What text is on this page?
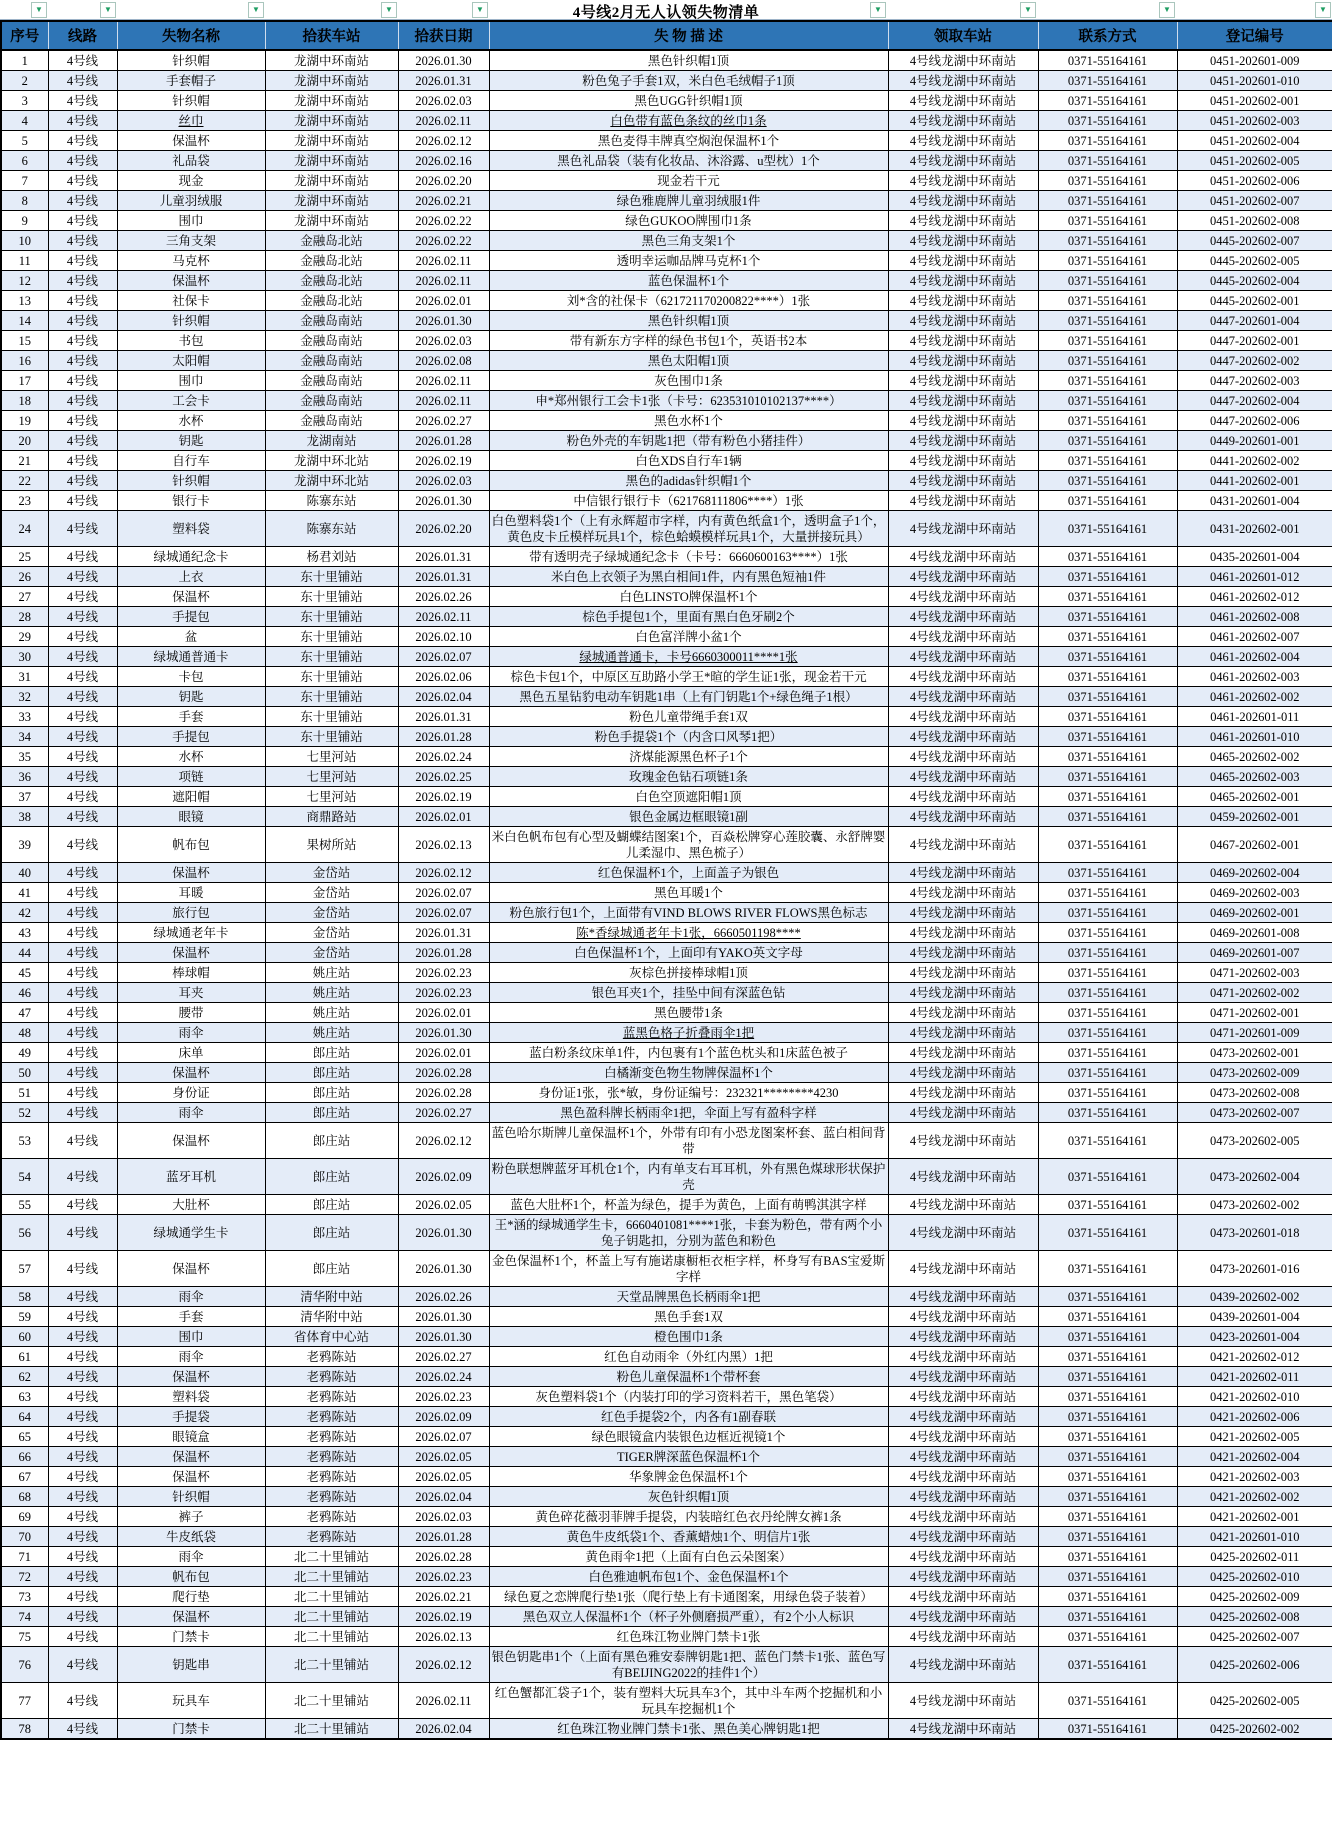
4号线2月无人认领失物清单
▼	▼	▼	▼	▼	▼	▼	▼	▼
序号	线路	失物名称	拾获车站	拾获日期	失 物 描 述	领取车站	联系方式	登记编号
1	4号线	针织帽	龙湖中环南站	2026.01.30	黑色针织帽1顶	4号线龙湖中环南站	0371-55164161	0451-202601-009
2	4号线	手套帽子	龙湖中环南站	2026.01.31	粉色兔子手套1双，米白色毛绒帽子1顶	4号线龙湖中环南站	0371-55164161	0451-202601-010
3	4号线	针织帽	龙湖中环南站	2026.02.03	黑色UGG针织帽1顶	4号线龙湖中环南站	0371-55164161	0451-202602-001
4	4号线	丝巾	龙湖中环南站	2026.02.11	白色带有蓝色条纹的丝巾1条	4号线龙湖中环南站	0371-55164161	0451-202602-003
5	4号线	保温杯	龙湖中环南站	2026.02.12	黑色麦得丰牌真空焖泡保温杯1个	4号线龙湖中环南站	0371-55164161	0451-202602-004
6	4号线	礼品袋	龙湖中环南站	2026.02.16	黑色礼品袋（装有化妆品、沐浴露、u型枕）1个	4号线龙湖中环南站	0371-55164161	0451-202602-005
7	4号线	现金	龙湖中环南站	2026.02.20	现金若干元	4号线龙湖中环南站	0371-55164161	0451-202602-006
8	4号线	儿童羽绒服	龙湖中环南站	2026.02.21	绿色雅鹿牌儿童羽绒服1件	4号线龙湖中环南站	0371-55164161	0451-202602-007
9	4号线	围巾	龙湖中环南站	2026.02.22	绿色GUKOO牌围巾1条	4号线龙湖中环南站	0371-55164161	0451-202602-008
10	4号线	三角支架	金融岛北站	2026.02.22	黑色三角支架1个	4号线龙湖中环南站	0371-55164161	0445-202602-007
11	4号线	马克杯	金融岛北站	2026.02.11	透明幸运咖品牌马克杯1个	4号线龙湖中环南站	0371-55164161	0445-202602-005
12	4号线	保温杯	金融岛北站	2026.02.11	蓝色保温杯1个	4号线龙湖中环南站	0371-55164161	0445-202602-004
13	4号线	社保卡	金融岛北站	2026.02.01	刘*含的社保卡（621721170200822****）1张	4号线龙湖中环南站	0371-55164161	0445-202602-001
14	4号线	针织帽	金融岛南站	2026.01.30	黑色针织帽1顶	4号线龙湖中环南站	0371-55164161	0447-202601-004
15	4号线	书包	金融岛南站	2026.02.03	带有新东方字样的绿色书包1个，英语书2本	4号线龙湖中环南站	0371-55164161	0447-202602-001
16	4号线	太阳帽	金融岛南站	2026.02.08	黑色太阳帽1顶	4号线龙湖中环南站	0371-55164161	0447-202602-002
17	4号线	围巾	金融岛南站	2026.02.11	灰色围巾1条	4号线龙湖中环南站	0371-55164161	0447-202602-003
18	4号线	工会卡	金融岛南站	2026.02.11	申*郑州银行工会卡1张（卡号：623531010102137****）	4号线龙湖中环南站	0371-55164161	0447-202602-004
19	4号线	水杯	金融岛南站	2026.02.27	黑色水杯1个	4号线龙湖中环南站	0371-55164161	0447-202602-006
20	4号线	钥匙	龙湖南站	2026.01.28	粉色外壳的车钥匙1把（带有粉色小猪挂件）	4号线龙湖中环南站	0371-55164161	0449-202601-001
21	4号线	自行车	龙湖中环北站	2026.02.19	白色XDS自行车1辆	4号线龙湖中环南站	0371-55164161	0441-202602-002
22	4号线	针织帽	龙湖中环北站	2026.02.03	黑色的adidas针织帽1个	4号线龙湖中环南站	0371-55164161	0441-202602-001
23	4号线	银行卡	陈寨东站	2026.01.30	中信银行银行卡（621768111806****）1张	4号线龙湖中环南站	0371-55164161	0431-202601-004
24	4号线	塑料袋	陈寨东站	2026.02.20	白色塑料袋1个（上有永辉超市字样，内有黄色纸盒1个，透明盒子1个，黄色皮卡丘模样玩具1个，棕色蛤蟆模样玩具1个，大量拼接玩具）	4号线龙湖中环南站	0371-55164161	0431-202602-001
25	4号线	绿城通纪念卡	杨君刘站	2026.01.31	带有透明壳子绿城通纪念卡（卡号：6660600163****）1张	4号线龙湖中环南站	0371-55164161	0435-202601-004
26	4号线	上衣	东十里铺站	2026.01.31	米白色上衣领子为黑白相间1件，内有黑色短袖1件	4号线龙湖中环南站	0371-55164161	0461-202601-012
27	4号线	保温杯	东十里铺站	2026.02.26	白色LINSTO牌保温杯1个	4号线龙湖中环南站	0371-55164161	0461-202602-012
28	4号线	手提包	东十里铺站	2026.02.11	棕色手提包1个，里面有黑白色牙刷2个	4号线龙湖中环南站	0371-55164161	0461-202602-008
29	4号线	盆	东十里铺站	2026.02.10	白色富洋牌小盆1个	4号线龙湖中环南站	0371-55164161	0461-202602-007
30	4号线	绿城通普通卡	东十里铺站	2026.02.07	绿城通普通卡，卡号6660300011****1张	4号线龙湖中环南站	0371-55164161	0461-202602-004
31	4号线	卡包	东十里铺站	2026.02.06	棕色卡包1个，中原区互助路小学王*暄的学生证1张，现金若干元	4号线龙湖中环南站	0371-55164161	0461-202602-003
32	4号线	钥匙	东十里铺站	2026.02.04	黑色五星钻豹电动车钥匙1串（上有门钥匙1个+绿色绳子1根）	4号线龙湖中环南站	0371-55164161	0461-202602-002
33	4号线	手套	东十里铺站	2026.01.31	粉色儿童带绳手套1双	4号线龙湖中环南站	0371-55164161	0461-202601-011
34	4号线	手提包	东十里铺站	2026.01.28	粉色手提袋1个（内含口风琴1把）	4号线龙湖中环南站	0371-55164161	0461-202601-010
35	4号线	水杯	七里河站	2026.02.24	济煤能源黑色杯子1个	4号线龙湖中环南站	0371-55164161	0465-202602-002
36	4号线	项链	七里河站	2026.02.25	玫瑰金色钻石项链1条	4号线龙湖中环南站	0371-55164161	0465-202602-003
37	4号线	遮阳帽	七里河站	2026.02.19	白色空顶遮阳帽1顶	4号线龙湖中环南站	0371-55164161	0465-202602-001
38	4号线	眼镜	商鼎路站	2026.02.01	银色金属边框眼镜1副	4号线龙湖中环南站	0371-55164161	0459-202602-001
39	4号线	帆布包	果树所站	2026.02.13	米白色帆布包有心型及蝴蝶结图案1个，百焱松牌穿心莲胶囊、永舒牌婴儿柔湿巾、黑色梳子）	4号线龙湖中环南站	0371-55164161	0467-202602-001
40	4号线	保温杯	金岱站	2026.02.12	红色保温杯1个，上面盖子为银色	4号线龙湖中环南站	0371-55164161	0469-202602-004
41	4号线	耳暖	金岱站	2026.02.07	黑色耳暖1个	4号线龙湖中环南站	0371-55164161	0469-202602-003
42	4号线	旅行包	金岱站	2026.02.07	粉色旅行包1个，上面带有VIND BLOWS RIVER FLOWS黑色标志	4号线龙湖中环南站	0371-55164161	0469-202602-001
43	4号线	绿城通老年卡	金岱站	2026.01.31	陈*香绿城通老年卡1张，6660501198****	4号线龙湖中环南站	0371-55164161	0469-202601-008
44	4号线	保温杯	金岱站	2026.01.28	白色保温杯1个，上面印有YAKO英文字母	4号线龙湖中环南站	0371-55164161	0469-202601-007
45	4号线	棒球帽	姚庄站	2026.02.23	灰棕色拼接棒球帽1顶	4号线龙湖中环南站	0371-55164161	0471-202602-003
46	4号线	耳夹	姚庄站	2026.02.23	银色耳夹1个，挂坠中间有深蓝色钻	4号线龙湖中环南站	0371-55164161	0471-202602-002
47	4号线	腰带	姚庄站	2026.02.01	黑色腰带1条	4号线龙湖中环南站	0371-55164161	0471-202602-001
48	4号线	雨伞	姚庄站	2026.01.30	蓝黑色格子折叠雨伞1把	4号线龙湖中环南站	0371-55164161	0471-202601-009
49	4号线	床单	郎庄站	2026.02.01	蓝白粉条纹床单1件，内包裹有1个蓝色枕头和1床蓝色被子	4号线龙湖中环南站	0371-55164161	0473-202602-001
50	4号线	保温杯	郎庄站	2026.02.28	白橘渐变色物生物牌保温杯1个	4号线龙湖中环南站	0371-55164161	0473-202602-009
51	4号线	身份证	郎庄站	2026.02.28	身份证1张，张*敏，身份证编号：232321********4230	4号线龙湖中环南站	0371-55164161	0473-202602-008
52	4号线	雨伞	郎庄站	2026.02.27	黑色盈科牌长柄雨伞1把，伞面上写有盈科字样	4号线龙湖中环南站	0371-55164161	0473-202602-007
53	4号线	保温杯	郎庄站	2026.02.12	蓝色哈尔斯牌儿童保温杯1个，外带有印有小恐龙图案杯套、蓝白相间背带	4号线龙湖中环南站	0371-55164161	0473-202602-005
54	4号线	蓝牙耳机	郎庄站	2026.02.09	粉色联想牌蓝牙耳机仓1个，内有单支右耳耳机，外有黑色煤球形状保护壳	4号线龙湖中环南站	0371-55164161	0473-202602-004
55	4号线	大肚杯	郎庄站	2026.02.05	蓝色大肚杯1个，杯盖为绿色，提手为黄色，上面有萌鸭淇淇字样	4号线龙湖中环南站	0371-55164161	0473-202602-002
56	4号线	绿城通学生卡	郎庄站	2026.01.30	王*涵的绿城通学生卡，6660401081****1张，卡套为粉色，带有两个小兔子钥匙扣，分别为蓝色和粉色	4号线龙湖中环南站	0371-55164161	0473-202601-018
57	4号线	保温杯	郎庄站	2026.01.30	金色保温杯1个，杯盖上写有施诺康橱柜衣柜字样，杯身写有BAS宝爱斯字样	4号线龙湖中环南站	0371-55164161	0473-202601-016
58	4号线	雨伞	清华附中站	2026.02.26	天堂品牌黑色长柄雨伞1把	4号线龙湖中环南站	0371-55164161	0439-202602-002
59	4号线	手套	清华附中站	2026.01.30	黑色手套1双	4号线龙湖中环南站	0371-55164161	0439-202601-004
60	4号线	围巾	省体育中心站	2026.01.30	橙色围巾1条	4号线龙湖中环南站	0371-55164161	0423-202601-004
61	4号线	雨伞	老鸦陈站	2026.02.27	红色自动雨伞（外红内黑）1把	4号线龙湖中环南站	0371-55164161	0421-202602-012
62	4号线	保温杯	老鸦陈站	2026.02.24	粉色儿童保温杯1个带杯套	4号线龙湖中环南站	0371-55164161	0421-202602-011
63	4号线	塑料袋	老鸦陈站	2026.02.23	灰色塑料袋1个（内装打印的学习资料若干，黑色笔袋）	4号线龙湖中环南站	0371-55164161	0421-202602-010
64	4号线	手提袋	老鸦陈站	2026.02.09	红色手提袋2个，内各有1副春联	4号线龙湖中环南站	0371-55164161	0421-202602-006
65	4号线	眼镜盒	老鸦陈站	2026.02.07	绿色眼镜盒内装银色边框近视镜1个	4号线龙湖中环南站	0371-55164161	0421-202602-005
66	4号线	保温杯	老鸦陈站	2026.02.05	TIGER牌深蓝色保温杯1个	4号线龙湖中环南站	0371-55164161	0421-202602-004
67	4号线	保温杯	老鸦陈站	2026.02.05	华象牌金色保温杯1个	4号线龙湖中环南站	0371-55164161	0421-202602-003
68	4号线	针织帽	老鸦陈站	2026.02.04	灰色针织帽1顶	4号线龙湖中环南站	0371-55164161	0421-202602-002
69	4号线	裤子	老鸦陈站	2026.02.03	黄色碎花薇羽菲牌手提袋，内装暗红色衣丹纶牌女裤1条	4号线龙湖中环南站	0371-55164161	0421-202602-001
70	4号线	牛皮纸袋	老鸦陈站	2026.01.28	黄色牛皮纸袋1个、香薰蜡烛1个、明信片1张	4号线龙湖中环南站	0371-55164161	0421-202601-010
71	4号线	雨伞	北二十里铺站	2026.02.28	黄色雨伞1把（上面有白色云朵图案）	4号线龙湖中环南站	0371-55164161	0425-202602-011
72	4号线	帆布包	北二十里铺站	2026.02.23	白色雅迪帆布包1个、金色保温杯1个	4号线龙湖中环南站	0371-55164161	0425-202602-010
73	4号线	爬行垫	北二十里铺站	2026.02.21	绿色夏之恋牌爬行垫1张（爬行垫上有卡通图案，用绿色袋子装着）	4号线龙湖中环南站	0371-55164161	0425-202602-009
74	4号线	保温杯	北二十里铺站	2026.02.19	黑色双立人保温杯1个（杯子外侧磨损严重），有2个小人标识	4号线龙湖中环南站	0371-55164161	0425-202602-008
75	4号线	门禁卡	北二十里铺站	2026.02.13	红色珠江物业牌门禁卡1张	4号线龙湖中环南站	0371-55164161	0425-202602-007
76	4号线	钥匙串	北二十里铺站	2026.02.12	银色钥匙串1个（上面有黑色雅安泰牌钥匙1把、蓝色门禁卡1张、蓝色写有BEIJING2022的挂件1个）	4号线龙湖中环南站	0371-55164161	0425-202602-006
77	4号线	玩具车	北二十里铺站	2026.02.11	红色蟹都汇袋子1个，装有塑料大玩具车3个，其中斗车两个挖掘机和小玩具车挖掘机1个	4号线龙湖中环南站	0371-55164161	0425-202602-005
78	4号线	门禁卡	北二十里铺站	2026.02.04	红色珠江物业牌门禁卡1张、黑色美心牌钥匙1把	4号线龙湖中环南站	0371-55164161	0425-202602-002
